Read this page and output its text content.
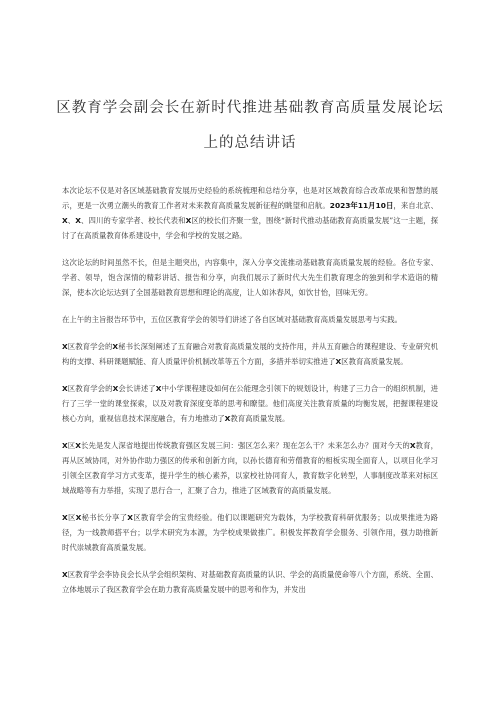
区教育学会副会长在新时代推进基础教育高质量发展论坛
上的总结讲话

本次论坛不仅是对各区域基础教育发展历史经验的系统梳理和总结分享，也是对区域教育综合改革成果和智慧的展示，更是一次勇立潮头的教育工作者对未来教育高质量发展新征程的眺望和启航。2023年11月10日，来自北京、X、X、四川的专家学者、校长代表和X区的校长们齐聚一堂，围绕“新时代推动基础教育高质量发展”这一主题，探讨了在高质量教育体系建设中，学会和学校的发展之路。

这次论坛的时间虽然不长，但是主题突出，内容集中，深入分享交流推动基础教育高质量发展的经验。各位专家、学者、领导，饱含深情的精彩讲话、报告和分享，向我们展示了新时代大先生们教育理念的独到和学术造诣的精深，使本次论坛达到了全国基础教育思想和理论的高度，让人如沐春风，如饮甘怡，回味无穷。

在上午的主旨报告环节中，五位区教育学会的领导们讲述了各自区域对基础教育高质量发展思考与实践。

X区教育学会的X秘书长深刻阐述了五育融合对教育高质量发展的支持作用，并从五育融合的课程建设、专业研究机构的支撑、科研课题赋能、育人质量评价机制改革等五个方面，多措并举切实推进了X区教育高质量发展。

X区教育学会的X会长讲述了X中小学课程建设如何在公能理念引领下的规划设计，构建了三力合一的组织机制，进行了三学一堂的课堂探索，以及对教育深度变革的思考和瞭望。他们高度关注教育质量的均衡发展，把握课程建设核心方向，重视信息技术深度融合，有力地推动了X教育高质量发展。

X区X长先是发人深省地提出传统教育强区发展三问：强区怎么来？现在怎么干？未来怎么办？面对今天的X教育，再从区域协同，对外协作助力强区的传承和创新方向，以孙长德育和劳僧教育的相板实现全面育人，以项目化学习引领全区教育学习方式变革，提升学生的核心素养，以家校社协同育人，教育数字化转型，人事制度改革来对标区域战略等有力举措，实现了思行合一，汇聚了合力，推进了区域教育的高质量发展。

X区X秘书长分享了X区教育学会的宝贵经验。他们以课题研究为载体，为学校教育科研优服务；以成果推进为路径，为一线教师搭平台；以学术研究为本源，为学校成果做推广。积极发挥教育学会服务、引领作用，强力助推新时代崇城教育高质量发展。

X区教育学会李协良会长从学会组织架构、对基础教育高质量的认识、学会的高质量使命等八个方面，系统、全面、立体地展示了我区教育学会在助力教育高质量发展中的思考和作为，并发出
